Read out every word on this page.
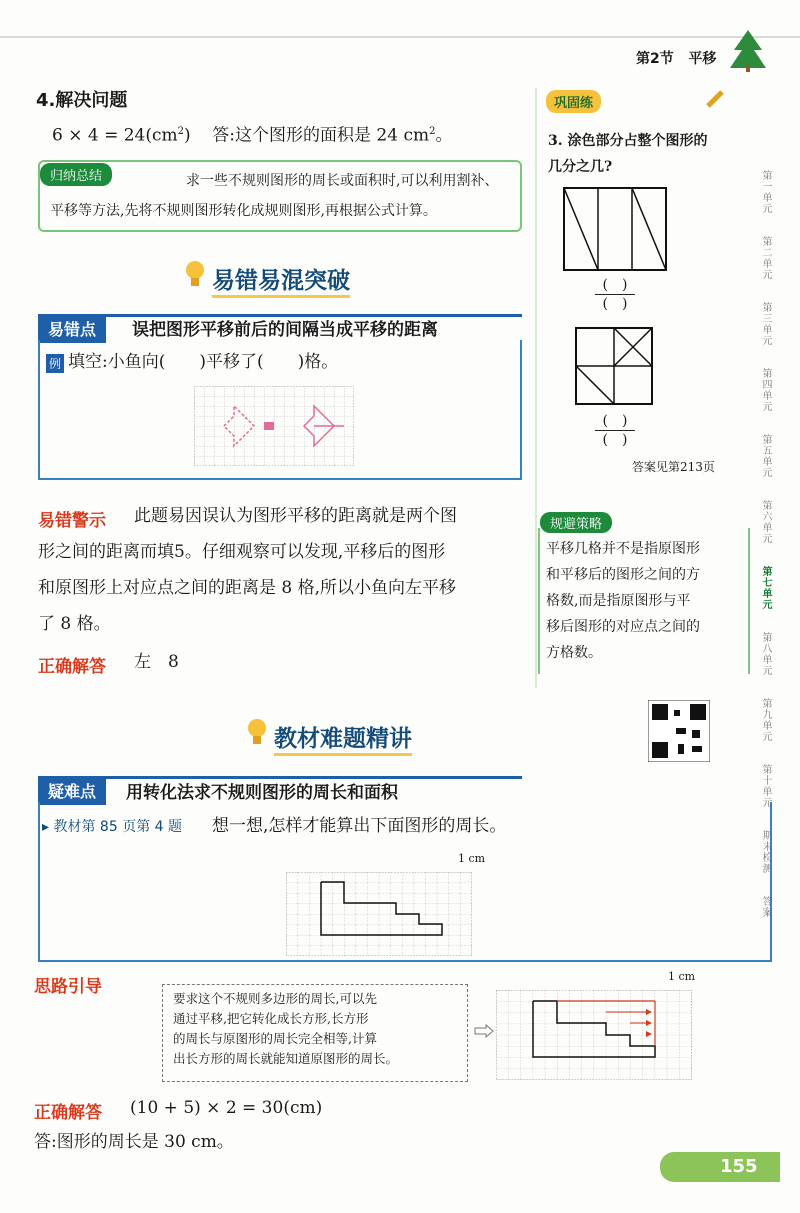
第2节 平移
第一单元
第二单元
第三单元
第四单元
第五单元
第六单元
第七单元
第八单元
第九单元
第十单元
期末检测
答案
4.解决问题
$6 \times 4 = 24(cm^2)$ 答:这个图形的面积是 24 $cm^2$。
归纳总结	求一些不规则图形的周长或面积时,可以利用割补、
平移等方法,先将不规则图形转化成规则图形,再根据公式计算。
易错易混突破
易错点	误把图形平移前后的间隔当成平移的距离
例 填空:小鱼向(　　)平移了(　　)格。
易错警示 此题易因误认为图形平移的距离就是两个图
形之间的距离而填5。仔细观察可以发现,平移后的图形
和原图形上对应点之间的距离是 8 格,所以小鱼向左平移
了 8 格。
正确解答 左　8
巩固练
3. 涂色部分占整个图形的
几分之几?
(　)
(　)
(　)
(　)
答案见第213页
规避策略
平移几格并不是指原图形
和平移后的图形之间的方
格数,而是指原图形与平
移后图形的对应点之间的
方格数。
教材难题精讲
疑难点	用转化法求不规则图形的周长和面积
▸ 教材第 85 页第 4 题 想一想,怎样才能算出下面图形的周长。
1 cm
思路引导
要求这个不规则多边形的周长,可以先
通过平移,把它转化成长方形,长方形
的周长与原图形的周长完全相等,计算
出长方形的周长就能知道原图形的周长。
1 cm
正确解答 (10 + 5) × 2 = 30(cm)
答:图形的周长是 30 cm。
155
